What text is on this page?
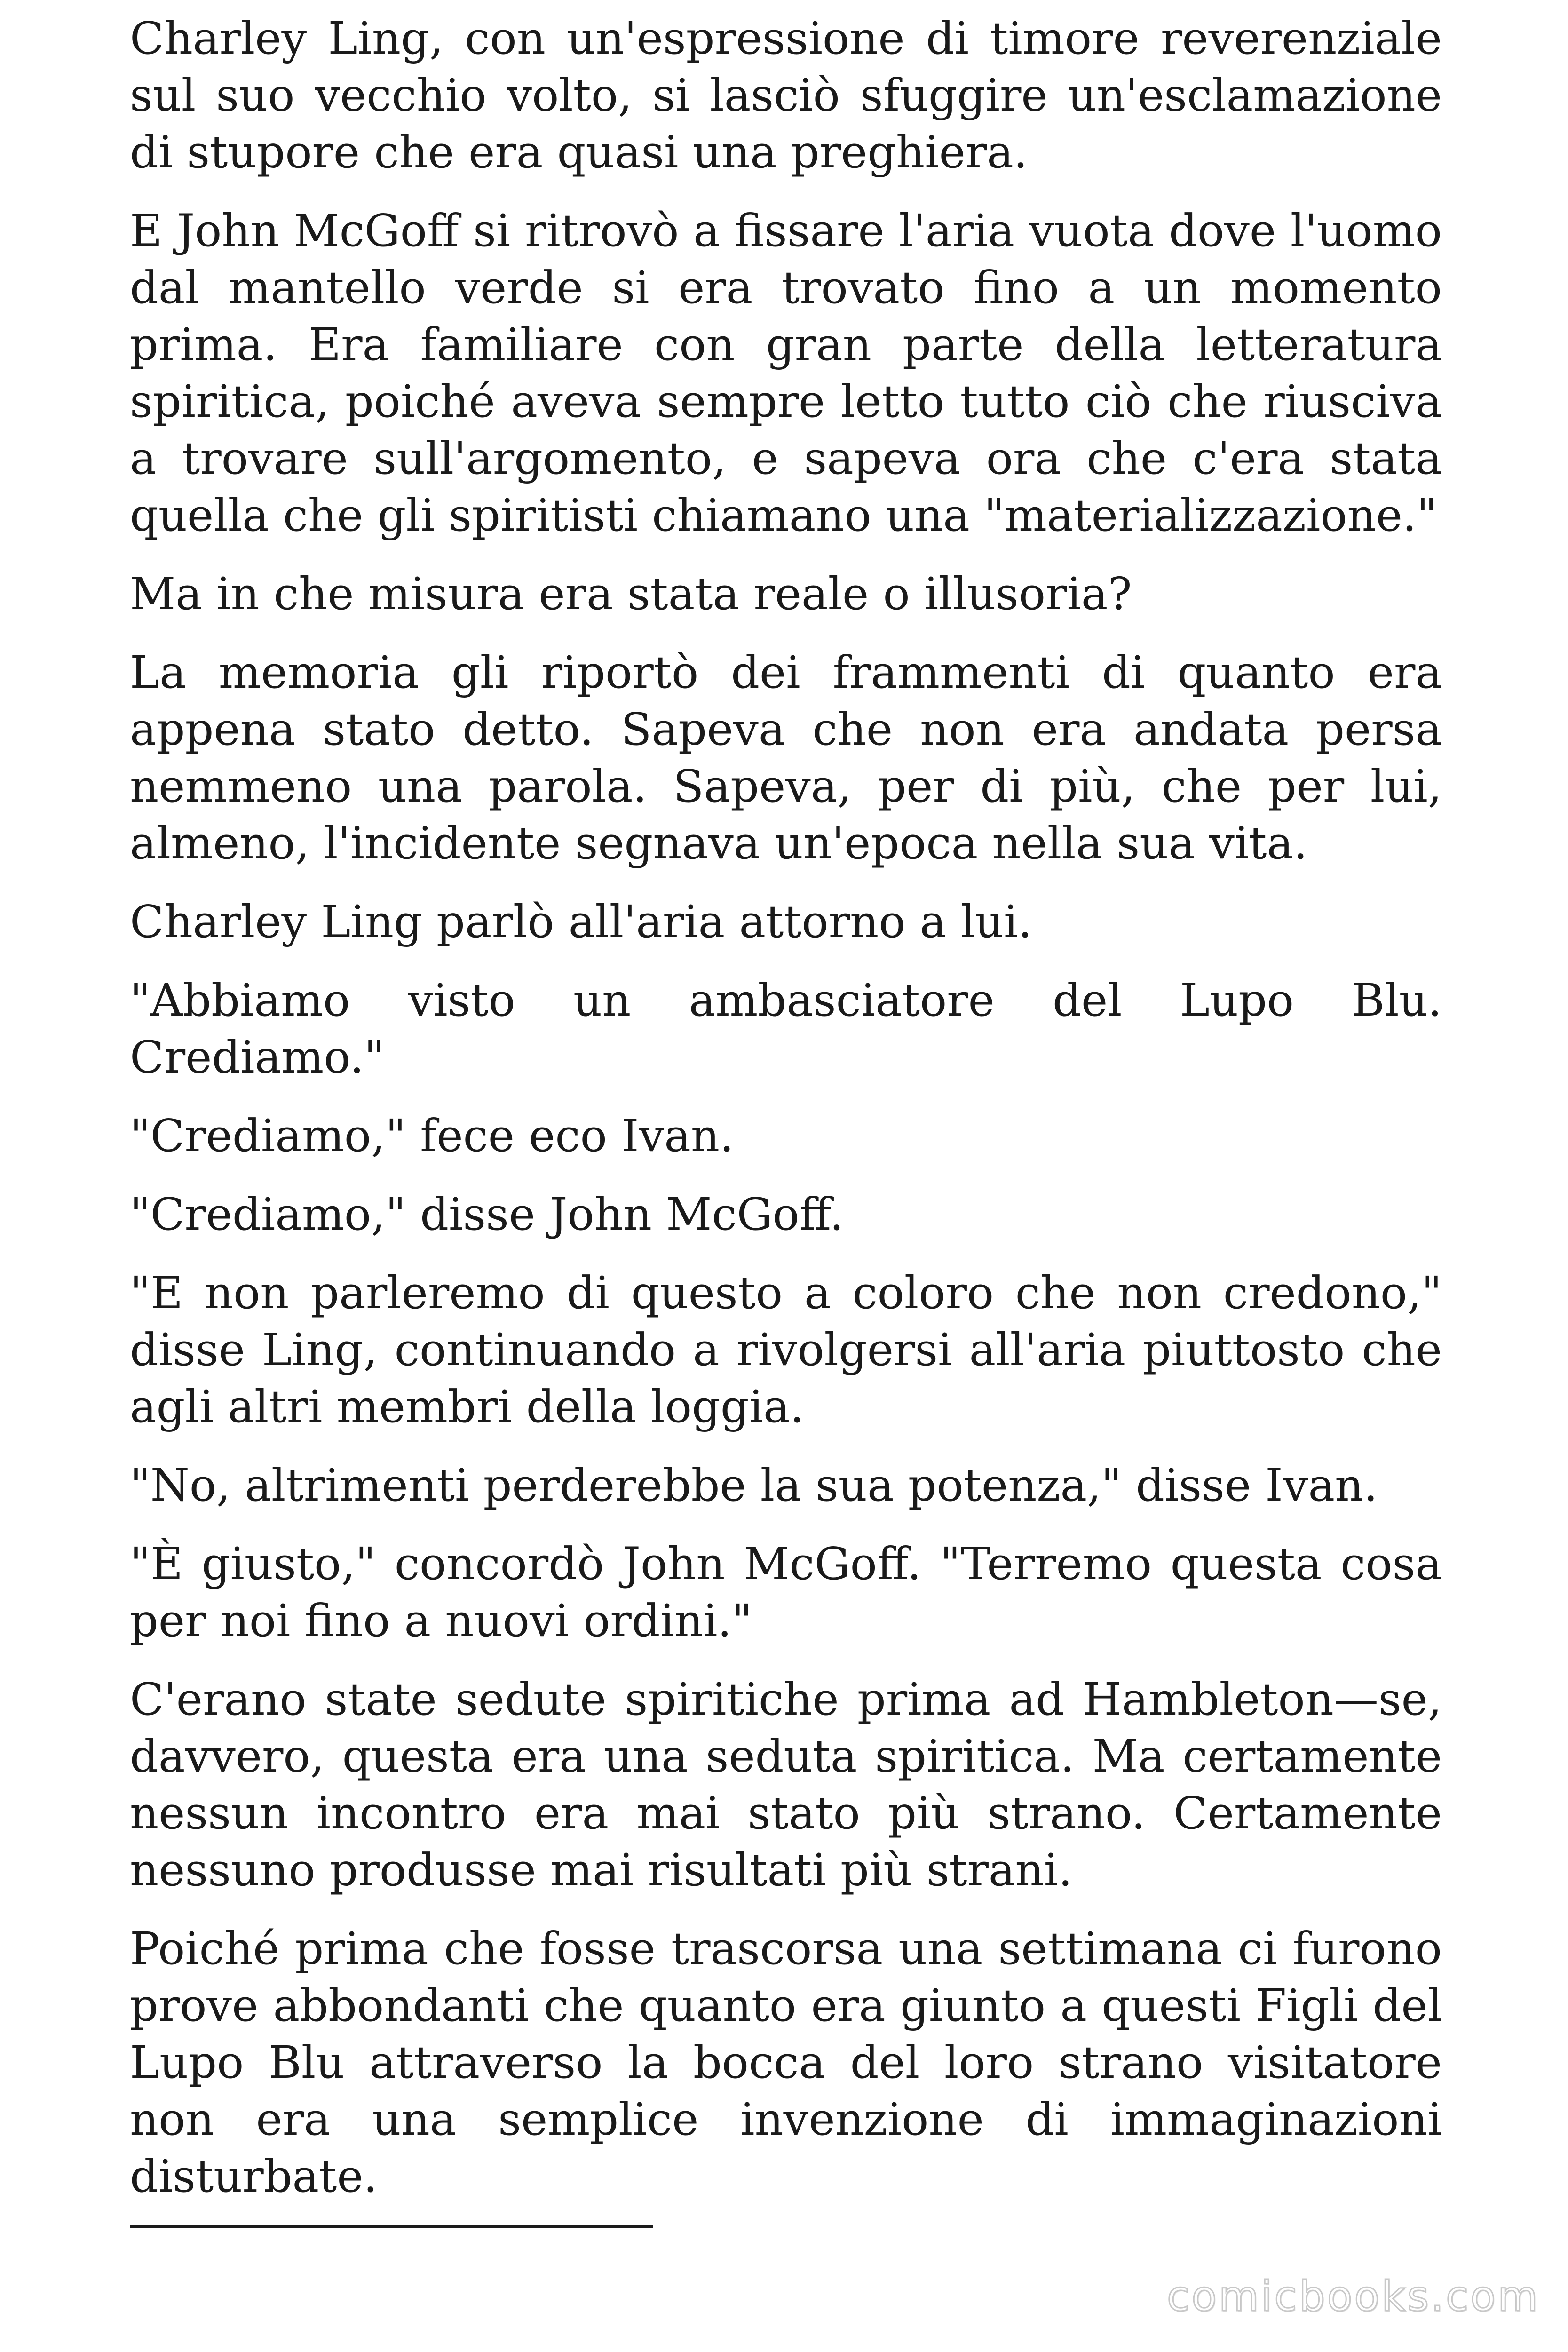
Charley Ling, con un'espressione di timore reverenziale sul suo vecchio volto, si lasciò sfuggire un'esclamazione di stupore che era quasi una preghiera.

E John McGoff si ritrovò a fissare l'aria vuota dove l'uomo dal mantello verde si era trovato fino a un momento prima. Era familiare con gran parte della letteratura spiritica, poiché aveva sempre letto tutto ciò che riusciva a trovare sull'argomento, e sapeva ora che c'era stata quella che gli spiritisti chiamano una "materializzazione."

Ma in che misura era stata reale o illusoria?

La memoria gli riportò dei frammenti di quanto era appena stato detto. Sapeva che non era andata persa nemmeno una parola. Sapeva, per di più, che per lui, almeno, l'incidente segnava un'epoca nella sua vita.

Charley Ling parlò all'aria attorno a lui.

"Abbiamo visto un ambasciatore del Lupo Blu. Crediamo."

"Crediamo," fece eco Ivan.

"Crediamo," disse John McGoff.

"E non parleremo di questo a coloro che non credono," disse Ling, continuando a rivolgersi all'aria piuttosto che agli altri membri della loggia.

"No, altrimenti perderebbe la sua potenza," disse Ivan.

"È giusto," concordò John McGoff. "Terremo questa cosa per noi fino a nuovi ordini."

C'erano state sedute spiritiche prima ad Hambleton—se, davvero, questa era una seduta spiritica. Ma certamente nessun incontro era mai stato più strano. Certamente nessuno produsse mai risultati più strani.

Poiché prima che fosse trascorsa una settimana ci furono prove abbondanti che quanto era giunto a questi Figli del Lupo Blu attraverso la bocca del loro strano visitatore non era una semplice invenzione di immaginazioni disturbate.

comicbooks.com
